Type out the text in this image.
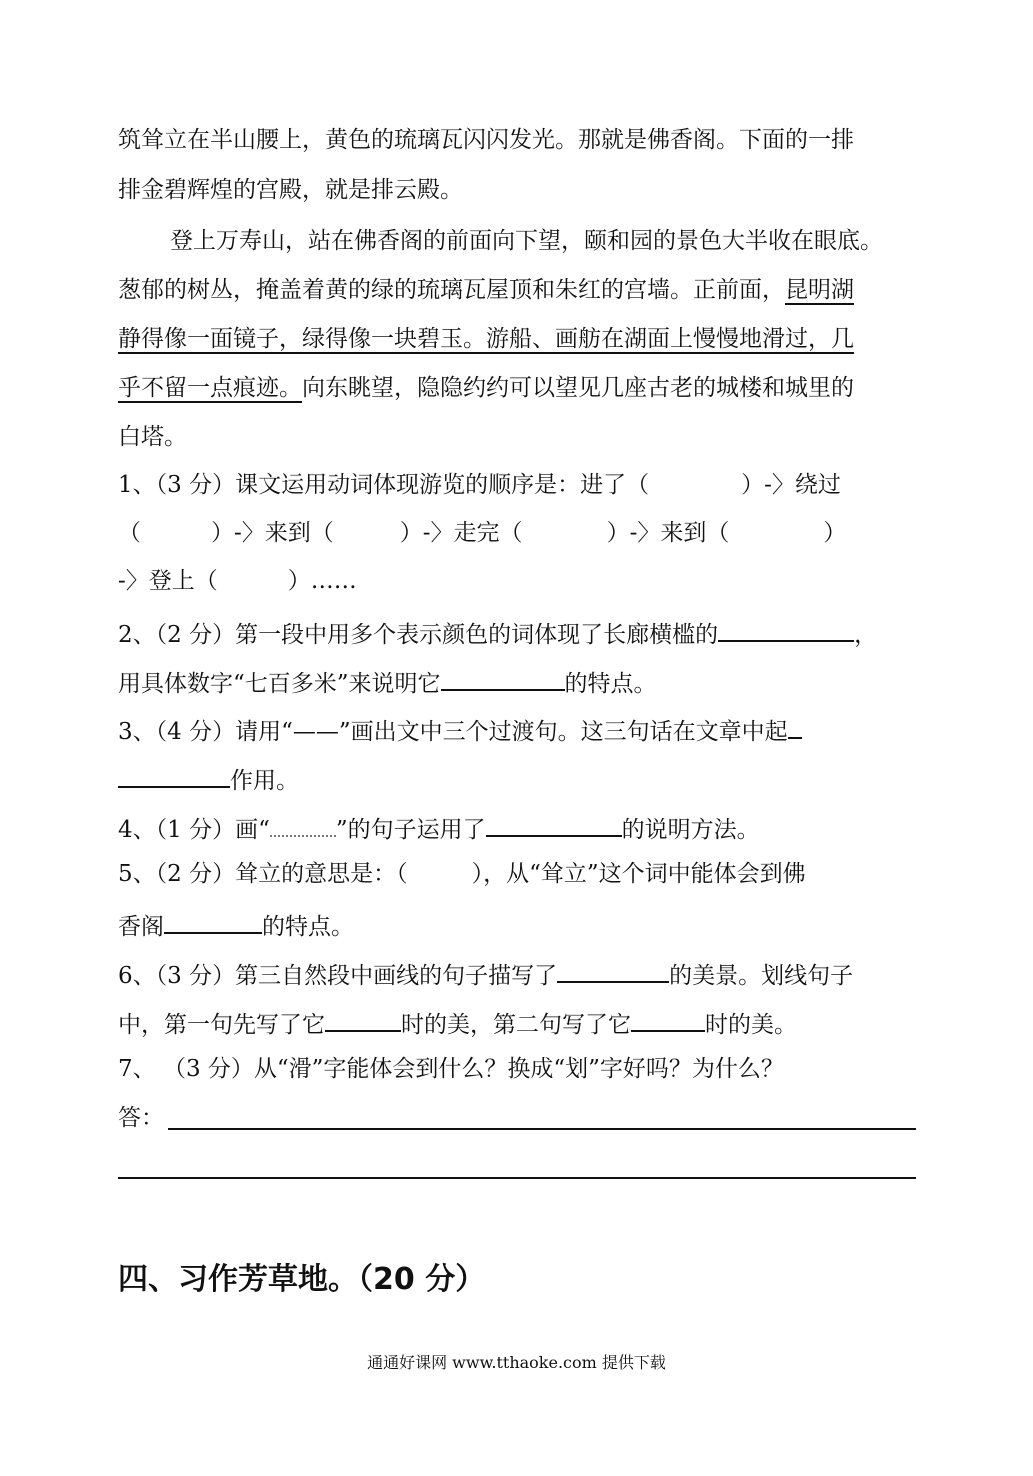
筑耸立在半山腰上，黄色的琉璃瓦闪闪发光。那就是佛香阁。下面的一排
排金碧辉煌的宫殿，就是排云殿。
登上万寿山，站在佛香阁的前面向下望，颐和园的景色大半收在眼底。
葱郁的树丛，掩盖着黄的绿的琉璃瓦屋顶和朱红的宫墙。正前面，昆明湖
静得像一面镜子，绿得像一块碧玉。游船、画舫在湖面上慢慢地滑过，几
乎不留一点痕迹。向东眺望，隐隐约约可以望见几座古老的城楼和城里的
白塔。
1、（3 分）课文运用动词体现游览的顺序是：进了（	）-〉绕过
（	）-〉来到（	）-〉走完（	）-〉来到（	）
-〉登上（	）……
2、（2 分）第一段中用多个表示颜色的词体现了长廊横槛的	，
用具体数字“七百多米”来说明它	的特点。
3、（4 分）请用“——”画出文中三个过渡句。这三句话在文章中起
作用。
4、（1 分）画“	”的句子运用了	的说明方法。
5、（2 分）耸立的意思是：（	），从“耸立”这个词中能体会到佛
香阁	的特点。
6、（3 分）第三自然段中画线的句子描写了	的美景。划线句子
中，第一句先写了它	时的美，第二句写了它	时的美。
7、 （3 分）从“滑”字能体会到什么？换成“划”字好吗？为什么？
答：
四、习作芳草地。（20 分）
通通好课网 www.tthaoke.com 提供下载
